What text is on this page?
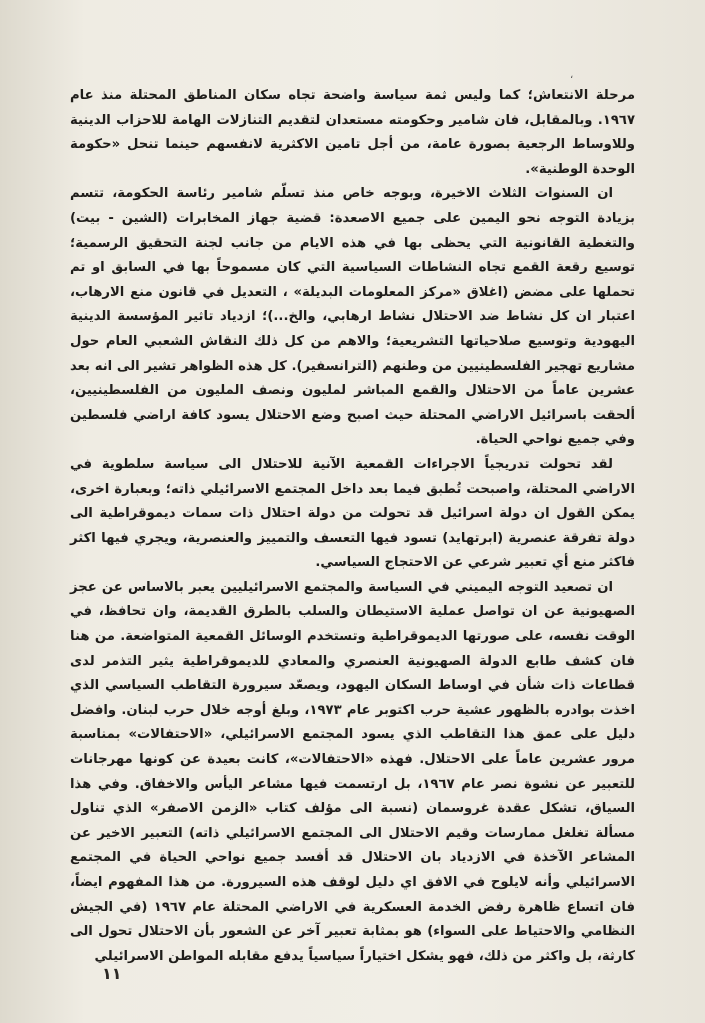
،

مرحلة الانتعاش؛ كما وليس ثمة سياسة واضحة تجاه سكان المناطق المحتلة منذ عام ١٩٦٧. وبالمقابل، فان شامير وحكومته مستعدان لتقديم التنازلات الهامة للاحزاب الدينية وللاوساط الرجعية بصورة عامة، من أجل تامين الاكثرية لانفسهم حينما تنحل «حكومة الوحدة الوطنية».

ان السنوات الثلاث الاخيرة، وبوجه خاص منذ تسلّم شامير رئاسة الحكومة، تتسم بزيادة التوجه نحو اليمين على جميع الاصعدة: قضية جهاز المخابرات (الشين - بيت) والتغطية القانونية التي يحظى بها في هذه الايام من جانب لجنة التحقيق الرسمية؛ توسيع رقعة القمع تجاه النشاطات السياسية التي كان مسموحاً بها في السابق او تم تحملها على مضض (اغلاق «مركز المعلومات البديلة» ، التعديل في قانون منع الارهاب، اعتبار ان كل نشاط ضد الاحتلال نشاط ارهابي، والخ...)؛ ازدياد تاثير المؤسسة الدينية اليهودية وتوسيع صلاحياتها التشريعية؛ والاهم من كل ذلك النقاش الشعبي العام حول مشاريع تهجير الفلسطينيين من وطنهم (الترانسفير). كل هذه الظواهر تشير الى انه بعد عشرين عاماً من الاحتلال والقمع المباشر لمليون ونصف المليون من الفلسطينيين، ألحقت باسرائيل الاراضي المحتلة حيث اصبح وضع الاحتلال يسود كافة اراضي فلسطين وفي جميع نواحي الحياة.

لقد تحولت تدريجياً الاجراءات القمعية الآنية للاحتلال الى سياسة سلطوية في الاراضي المحتلة، واصبحت تُطبق فيما بعد داخل المجتمع الاسرائيلي ذاته؛ وبعبارة اخرى، يمكن القول ان دولة اسرائيل قد تحولت من دولة احتلال ذات سمات ديموقراطية الى دولة تفرقة عنصرية (ابرتهايد) تسود فيها التعسف والتمييز والعنصرية، ويجري فيها اكثر فاكثر منع أي تعبير شرعي عن الاحتجاج السياسي.

ان تصعيد التوجه اليميني في السياسة والمجتمع الاسرائيليين يعبر بالاساس عن عجز الصهيونية عن ان تواصل عملية الاستيطان والسلب بالطرق القديمة، وان تحافظ، في الوقت نفسه، على صورتها الديموقراطية وتستخدم الوسائل القمعية المتواضعة. من هنا فان كشف طابع الدولة الصهيونية العنصري والمعادي للديموقراطية يثير التذمر لدى قطاعات ذات شأن في اوساط السكان اليهود، ويصعّد سيرورة التقاطب السياسي الذي اخذت بوادره بالظهور عشية حرب اكتوبر عام ١٩٧٣، وبلغ أوجه خلال حرب لبنان. وافضل دليل على عمق هذا التقاطب الذي يسود المجتمع الاسرائيلي، «الاحتفالات» بمناسبة مرور عشرين عاماً على الاحتلال. فهذه «الاحتفالات»، كانت بعيدة عن كونها مهرجانات للتعبير عن نشوة نصر عام ١٩٦٧، بل ارتسمت فيها مشاعر اليأس والاخفاق. وفي هذا السياق، تشكل عقدة غروسمان (نسبة الى مؤلف كتاب «الزمن الاصفر» الذي تناول مسألة تغلغل ممارسات وقيم الاحتلال الى المجتمع الاسرائيلي ذاته) التعبير الاخير عن المشاعر الآخذة في الازدياد بان الاحتلال قد أفسد جميع نواحي الحياة في المجتمع الاسرائيلي وأنه لايلوح في الافق اي دليل لوقف هذه السيرورة. من هذا المفهوم ايضاً، فان اتساع ظاهرة رفض الخدمة العسكرية في الاراضي المحتلة عام ١٩٦٧ (في الجيش النظامي والاحتياط على السواء) هو بمثابة تعبير آخر عن الشعور بأن الاحتلال تحول الى كارثة، بل واكثر من ذلك، فهو يشكل اختياراً سياسياً يدفع مقابله المواطن الاسرائيلي

١١
